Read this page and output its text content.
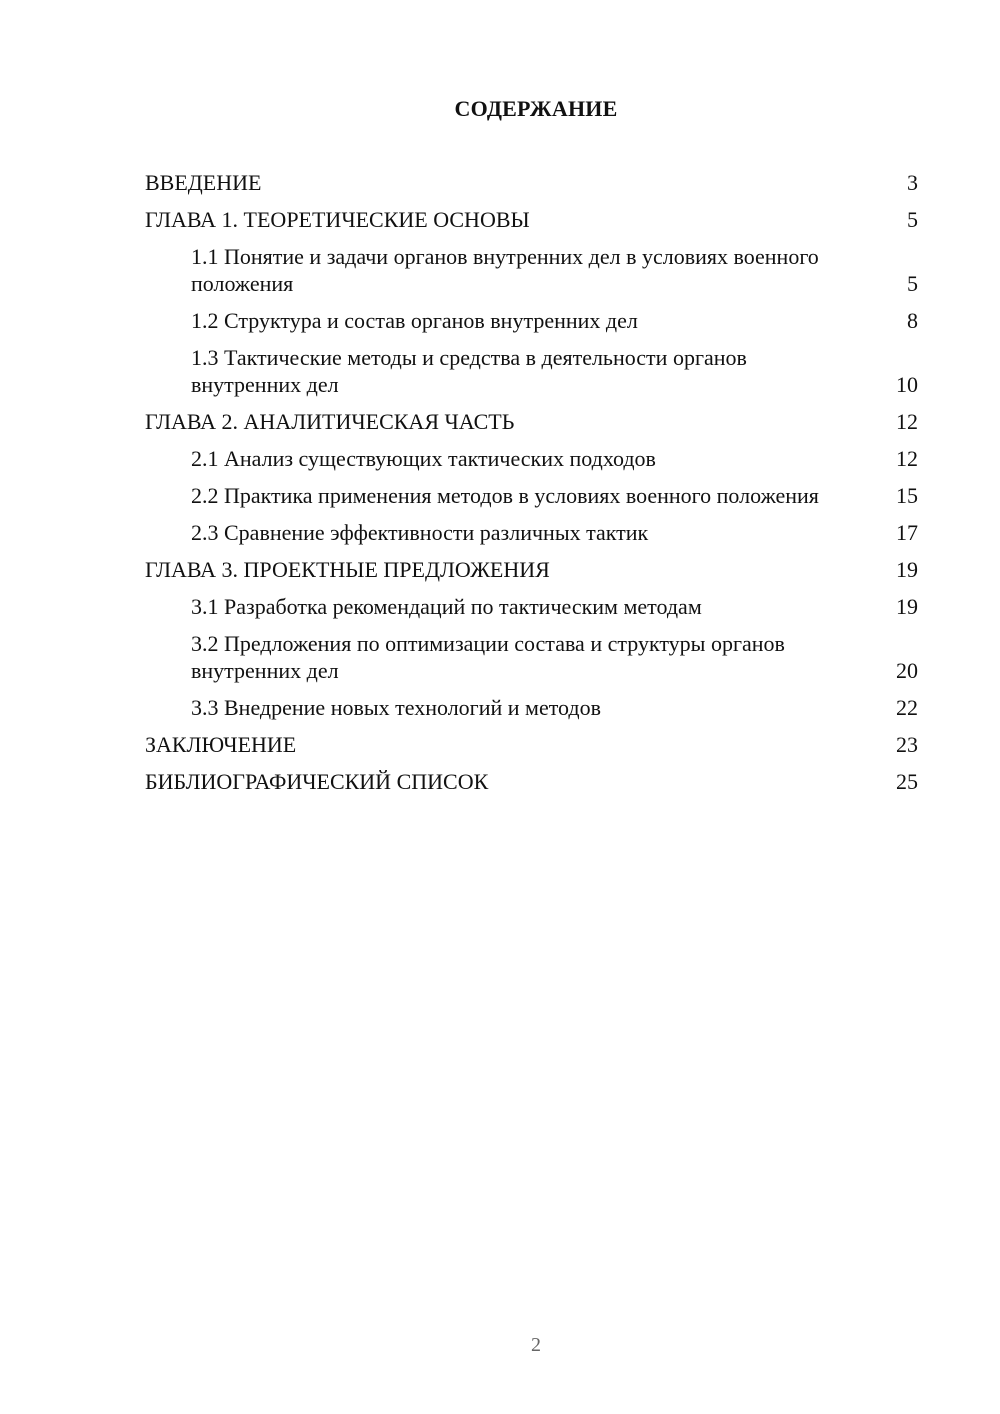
СОДЕРЖАНИЕ
ВВЕДЕНИЕ	3
ГЛАВА 1. ТЕОРЕТИЧЕСКИЕ ОСНОВЫ	5
1.1 Понятие и задачи органов внутренних дел в условиях военного положения	5
1.2 Структура и состав органов внутренних дел	8
1.3 Тактические методы и средства в деятельности органов внутренних дел	10
ГЛАВА 2. АНАЛИТИЧЕСКАЯ ЧАСТЬ	12
2.1 Анализ существующих тактических подходов	12
2.2 Практика применения методов в условиях военного положения	15
2.3 Сравнение эффективности различных тактик	17
ГЛАВА 3. ПРОЕКТНЫЕ ПРЕДЛОЖЕНИЯ	19
3.1 Разработка рекомендаций по тактическим методам	19
3.2 Предложения по оптимизации состава и структуры органов внутренних дел	20
3.3 Внедрение новых технологий и методов	22
ЗАКЛЮЧЕНИЕ	23
БИБЛИОГРАФИЧЕСКИЙ СПИСОК	25
2
